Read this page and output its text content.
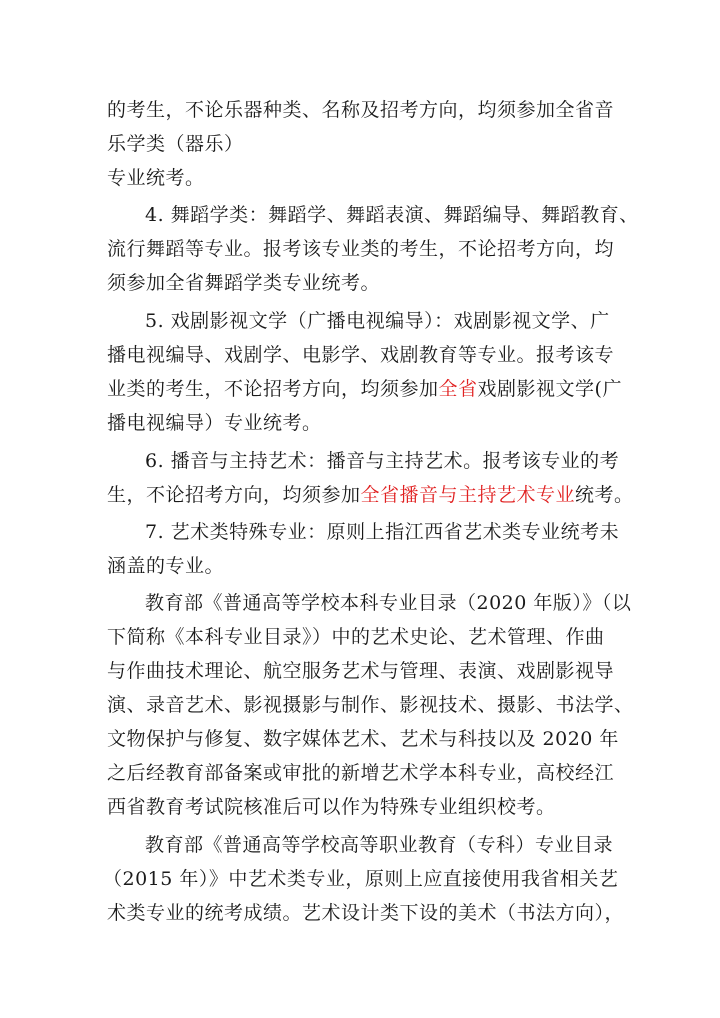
的考生，不论乐器种类、名称及招考方向，均须参加全省音
乐学类（器乐）
专业统考。
4. 舞蹈学类：舞蹈学、舞蹈表演、舞蹈编导、舞蹈教育、
流行舞蹈等专业。报考该专业类的考生，不论招考方向，均
须参加全省舞蹈学类专业统考。
5. 戏剧影视文学（广播电视编导）：戏剧影视文学、广
播电视编导、戏剧学、电影学、戏剧教育等专业。报考该专
业类的考生，不论招考方向，均须参加全省戏剧影视文学(广
播电视编导）专业统考。
6. 播音与主持艺术：播音与主持艺术。报考该专业的考
生，不论招考方向，均须参加全省播音与主持艺术专业统考。
7. 艺术类特殊专业：原则上指江西省艺术类专业统考未
涵盖的专业。
教育部《普通高等学校本科专业目录（2020 年版）》（以
下简称《本科专业目录》）中的艺术史论、艺术管理、作曲
与作曲技术理论、航空服务艺术与管理、表演、戏剧影视导
演、录音艺术、影视摄影与制作、影视技术、摄影、书法学、
文物保护与修复、数字媒体艺术、艺术与科技以及 2020 年
之后经教育部备案或审批的新增艺术学本科专业，高校经江
西省教育考试院核准后可以作为特殊专业组织校考。
教育部《普通高等学校高等职业教育（专科）专业目录
（2015 年）》中艺术类专业，原则上应直接使用我省相关艺
术类专业的统考成绩。艺术设计类下设的美术（书法方向），
